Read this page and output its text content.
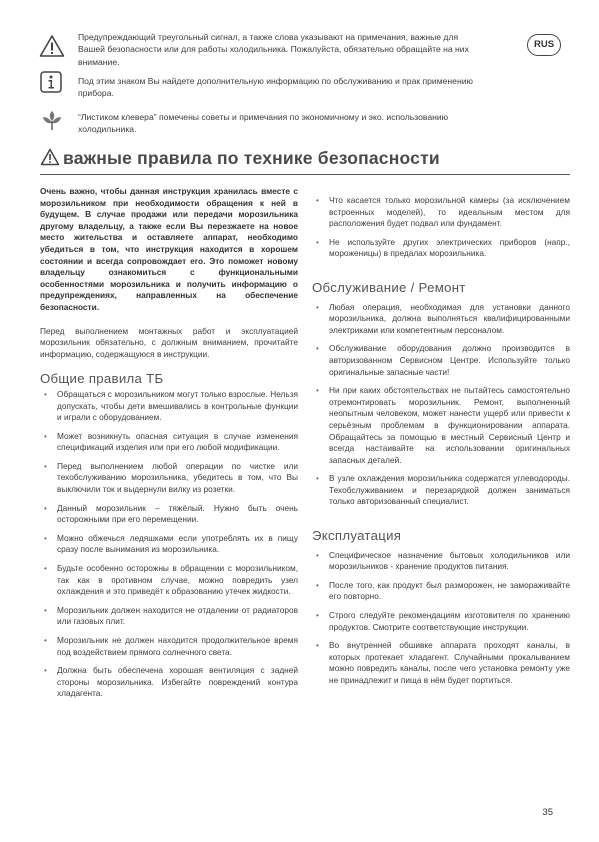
Предупреждающий треугольный сигнал, а также слова указывают на примечания, важные для Вашей безопасности или для работы холодильника. Пожалуйста, обязательно обращайте на них внимание.
Под этим знаком Вы найдете дополнительную информацию по обслуживанию и прак применению прибора.
“Листиком клевера” помечены советы и примечания по экономичному и эко. использованию холодильника.
RUS
важные правила по технике безопасности
Очень важно, чтобы данная инструкция хранилась вместе с морозильником при необходимости обращения к ней в будущем. В случае продажи или передачи морозильника другому владельцу, а также если Вы перезжаете на новое место жительства и оставляете аппарат, необходимо убедиться в том, что инструкция находится в хорошем состоянии и всегда сопровождает его. Это поможет новому владельцу ознакомиться с функциональными особенностями морозильника и получить информацию о предупреждениях, направленных на обеспечение безопасности.
Перед выполнением монтажных работ и эксплуатацией морозильник обязательно, с должным вниманием, прочитайте информацию, содержащуюся в инструкции.
Общие правила ТБ
• Обращаться с морозильником могут только взрослые. Нельзя допускать, чтобы дети вмешивались в контрольные функции и играли с оборудованием.
• Может возникнуть опасная ситуация в случае изменения спецификаций изделия или при его любой модификации.
• Перед выполнением любой операции по чистке или техобслуживанию морозильника, убедитесь в том, что Вы выключили ток и выдернули вилку из розетки.
• Данный морозильник – тяжёлый. Нужно быть очень осторожными при его перемещении.
• Можно обжечься ледяшками если употреблять их в пищу сразу после вынимания из морозильника.
• Будьте особенно осторожны в обращении с морозильником, так как в противном случае, можно повредить узел охлаждения и это приведёт к образованию утечек жидкости.
• Морозильник должен находится не отдалении от радиаторов или газовых плит.
• Морозильник не должен находится продолжительное время под воздействием прямого солнечного света.
• Должна быть обеспечена хорошая вентиляция с задней стороны морозильника. Избегайте повреждений контура хладагента.
• Что касается только морозильной камеры (за исключением встроенных моделей), то идеальным местом для расположения будет подвал или фундамент.
• Не используйте других электрических приборов (напр., мороженицы) в предалах морозильника.
Обслуживание / Ремонт
• Любая операция, необходимая для установки данного морозильника, должна выполняться квалифицированными электриками или компетентным персоналом.
• Обслуживание оборудования должно производится в авторизованном Сервисном Центре. Используйте только оригинальные запасные части!
• Ни при каких обстоятельствах не пытайтесь самостоятельно отремонтировать морозильник. Ремонт, выполненный неопытным человеком, может нанести ущерб или привести к серьёзным проблемам в функционировании аппарата. Обращайтесь за помощью в местный Сервисный Центр и всегда настаивайте на использовании оригинальных запасных деталей.
• В узле охлаждения морозильника содержатся углеводороды. Техобслуживанием и перезарядкой должен заниматься только авторизованный специалист.
Эксплуатация
• Специфическое назначение бытовых холодильников или морозильников - хранение продуктов питания.
• После того, как продукт был разморожен, не замораживайте его повторно.
• Строго следуйте рекомендациям изготовителя по хранению продуктов. Смотрите соответствующие инструкции.
• Во внутренней обшивке аппарата проходят каналы, в которых протекает хладагент. Случайными прокалыванием можно повредить каналы, после чего установка ремонту уже не принадлежит и пища в нём будет портиться.
35
